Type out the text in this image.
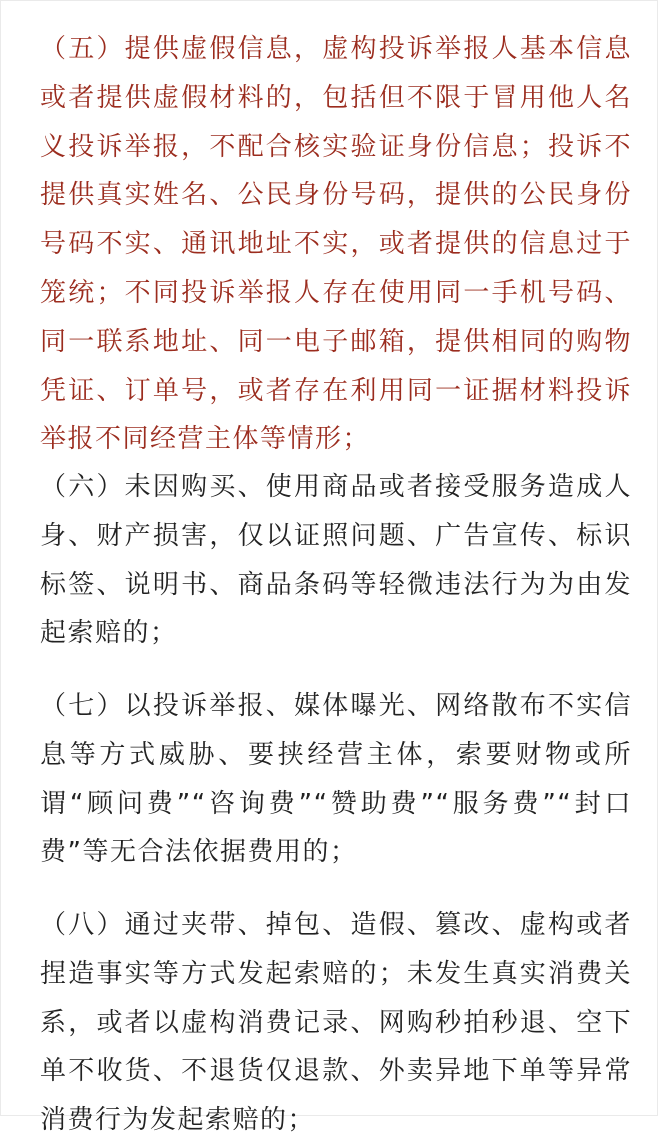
（五）提供虚假信息，虚构投诉举报人基本信息或者提供虚假材料的，包括但不限于冒用他人名义投诉举报，不配合核实验证身份信息；投诉不提供真实姓名、公民身份号码，提供的公民身份号码不实、通讯地址不实，或者提供的信息过于笼统；不同投诉举报人存在使用同一手机号码、同一联系地址、同一电子邮箱，提供相同的购物凭证、订单号，或者存在利用同一证据材料投诉举报不同经营主体等情形；

（六）未因购买、使用商品或者接受服务造成人身、财产损害，仅以证照问题、广告宣传、标识标签、说明书、商品条码等轻微违法行为为由发起索赔的；

（七）以投诉举报、媒体曝光、网络散布不实信息等方式威胁、要挟经营主体，索要财物或所谓“顾问费”“咨询费”“赞助费”“服务费”“封口费”等无合法依据费用的；

（八）通过夹带、掉包、造假、篡改、虚构或者捏造事实等方式发起索赔的；未发生真实消费关系，或者以虚构消费记录、网购秒拍秒退、空下单不收货、不退货仅退款、外卖异地下单等异常消费行为发起索赔的；
